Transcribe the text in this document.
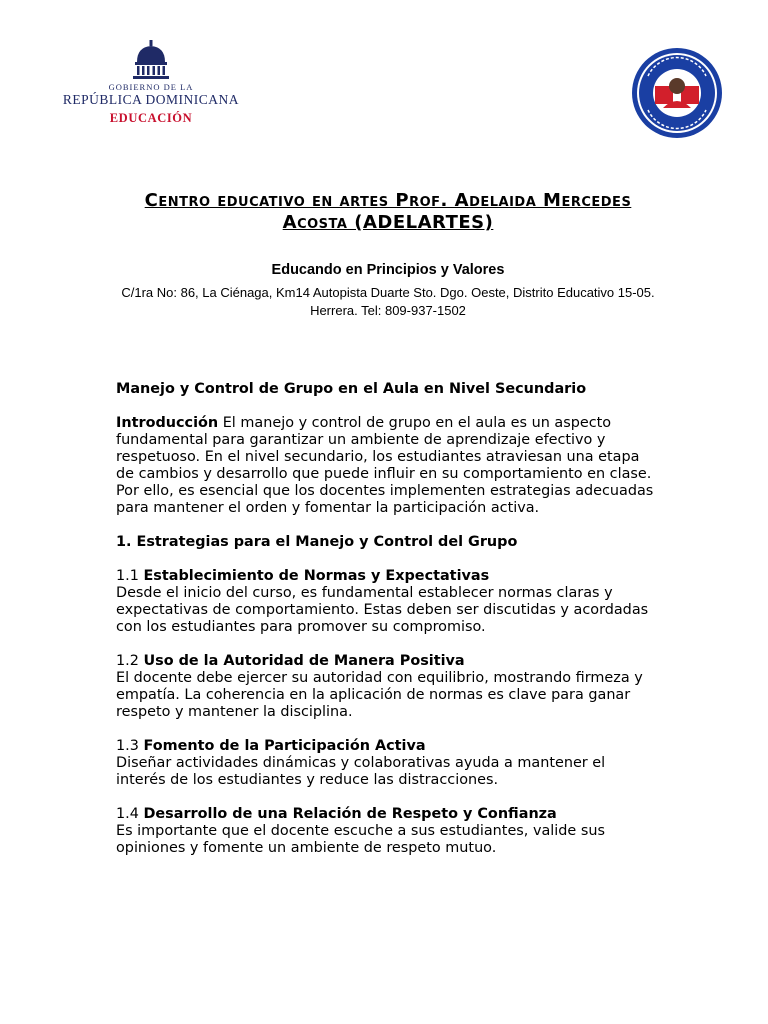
GOBIERNO DE LA
REPÚBLICA DOMINICANA
EDUCACIÓN
Centro educativo en artes Prof. Adelaida Mercedes Acosta (ADELARTES)
Educando en Principios y Valores
C/1ra No: 86, La Ciénaga, Km14 Autopista Duarte Sto. Dgo. Oeste, Distrito Educativo 15-05. Herrera. Tel: 809-937-1502

Manejo y Control de Grupo en el Aula en Nivel Secundario

Introducción El manejo y control de grupo en el aula es un aspecto fundamental para garantizar un ambiente de aprendizaje efectivo y respetuoso. En el nivel secundario, los estudiantes atraviesan una etapa de cambios y desarrollo que puede influir en su comportamiento en clase. Por ello, es esencial que los docentes implementen estrategias adecuadas para mantener el orden y fomentar la participación activa.

1. Estrategias para el Manejo y Control del Grupo

1.1 Establecimiento de Normas y Expectativas

Desde el inicio del curso, es fundamental establecer normas claras y expectativas de comportamiento. Estas deben ser discutidas y acordadas con los estudiantes para promover su compromiso.

1.2 Uso de la Autoridad de Manera Positiva

El docente debe ejercer su autoridad con equilibrio, mostrando firmeza y empatía. La coherencia en la aplicación de normas es clave para ganar respeto y mantener la disciplina.

1.3 Fomento de la Participación Activa

Diseñar actividades dinámicas y colaborativas ayuda a mantener el interés de los estudiantes y reduce las distracciones.

1.4 Desarrollo de una Relación de Respeto y Confianza

Es importante que el docente escuche a sus estudiantes, valide sus opiniones y fomente un ambiente de respeto mutuo.
